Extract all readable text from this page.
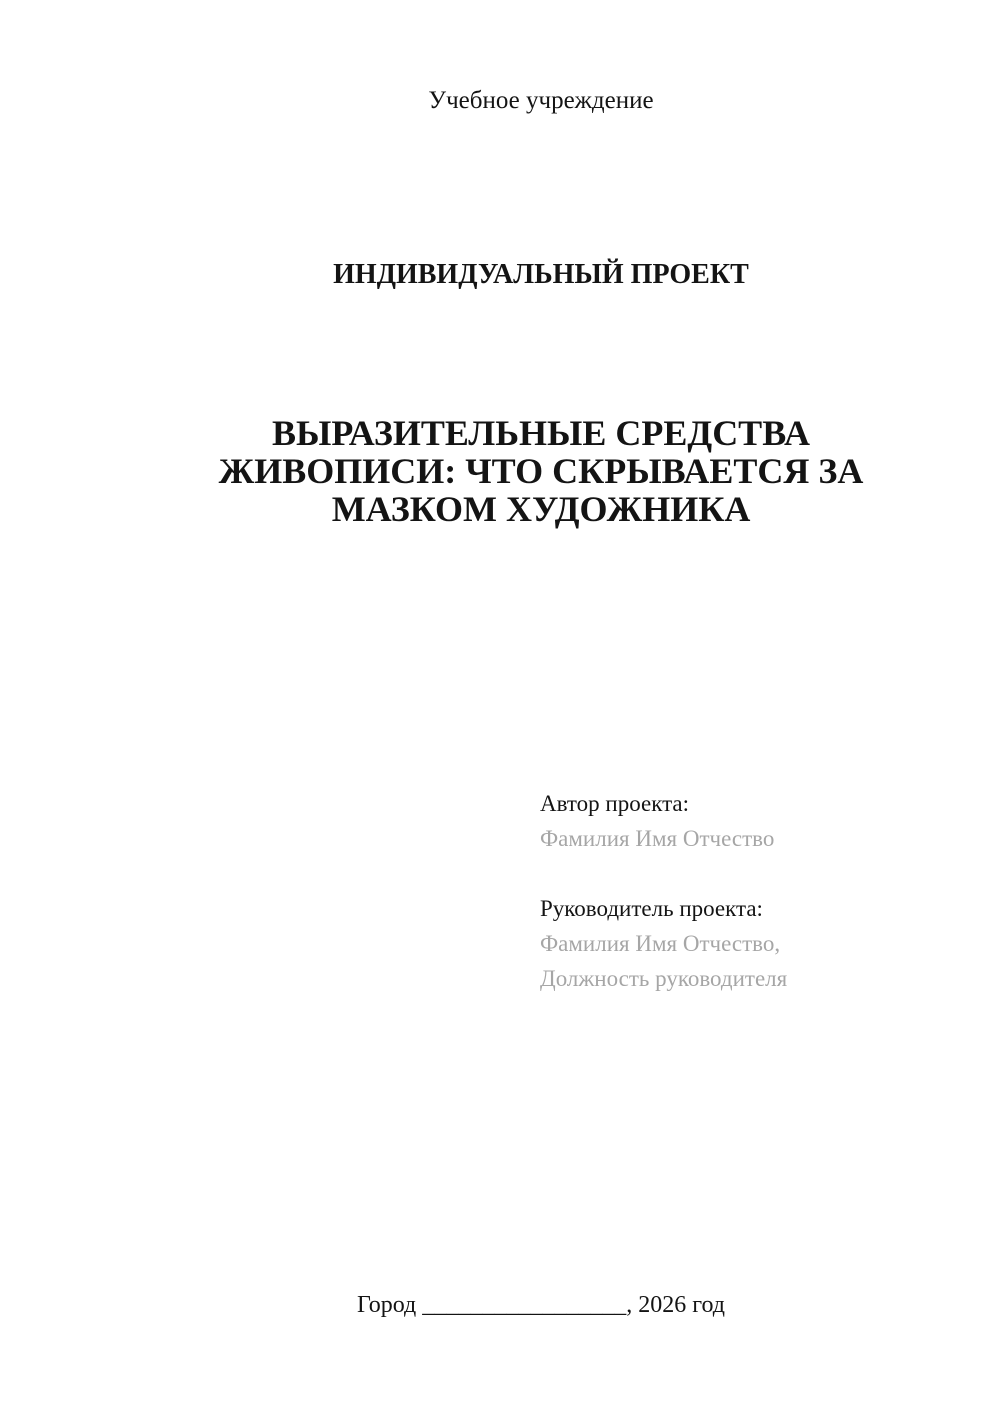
Учебное учреждение
ИНДИВИДУАЛЬНЫЙ ПРОЕКТ
ВЫРАЗИТЕЛЬНЫЕ СРЕДСТВА
ЖИВОПИСИ: ЧТО СКРЫВАЕТСЯ ЗА
МАЗКОМ ХУДОЖНИКА
Автор проекта:
Фамилия Имя Отчество
Руководитель проекта:
Фамилия Имя Отчество,
Должность руководителя
Город _________________, 2026 год
